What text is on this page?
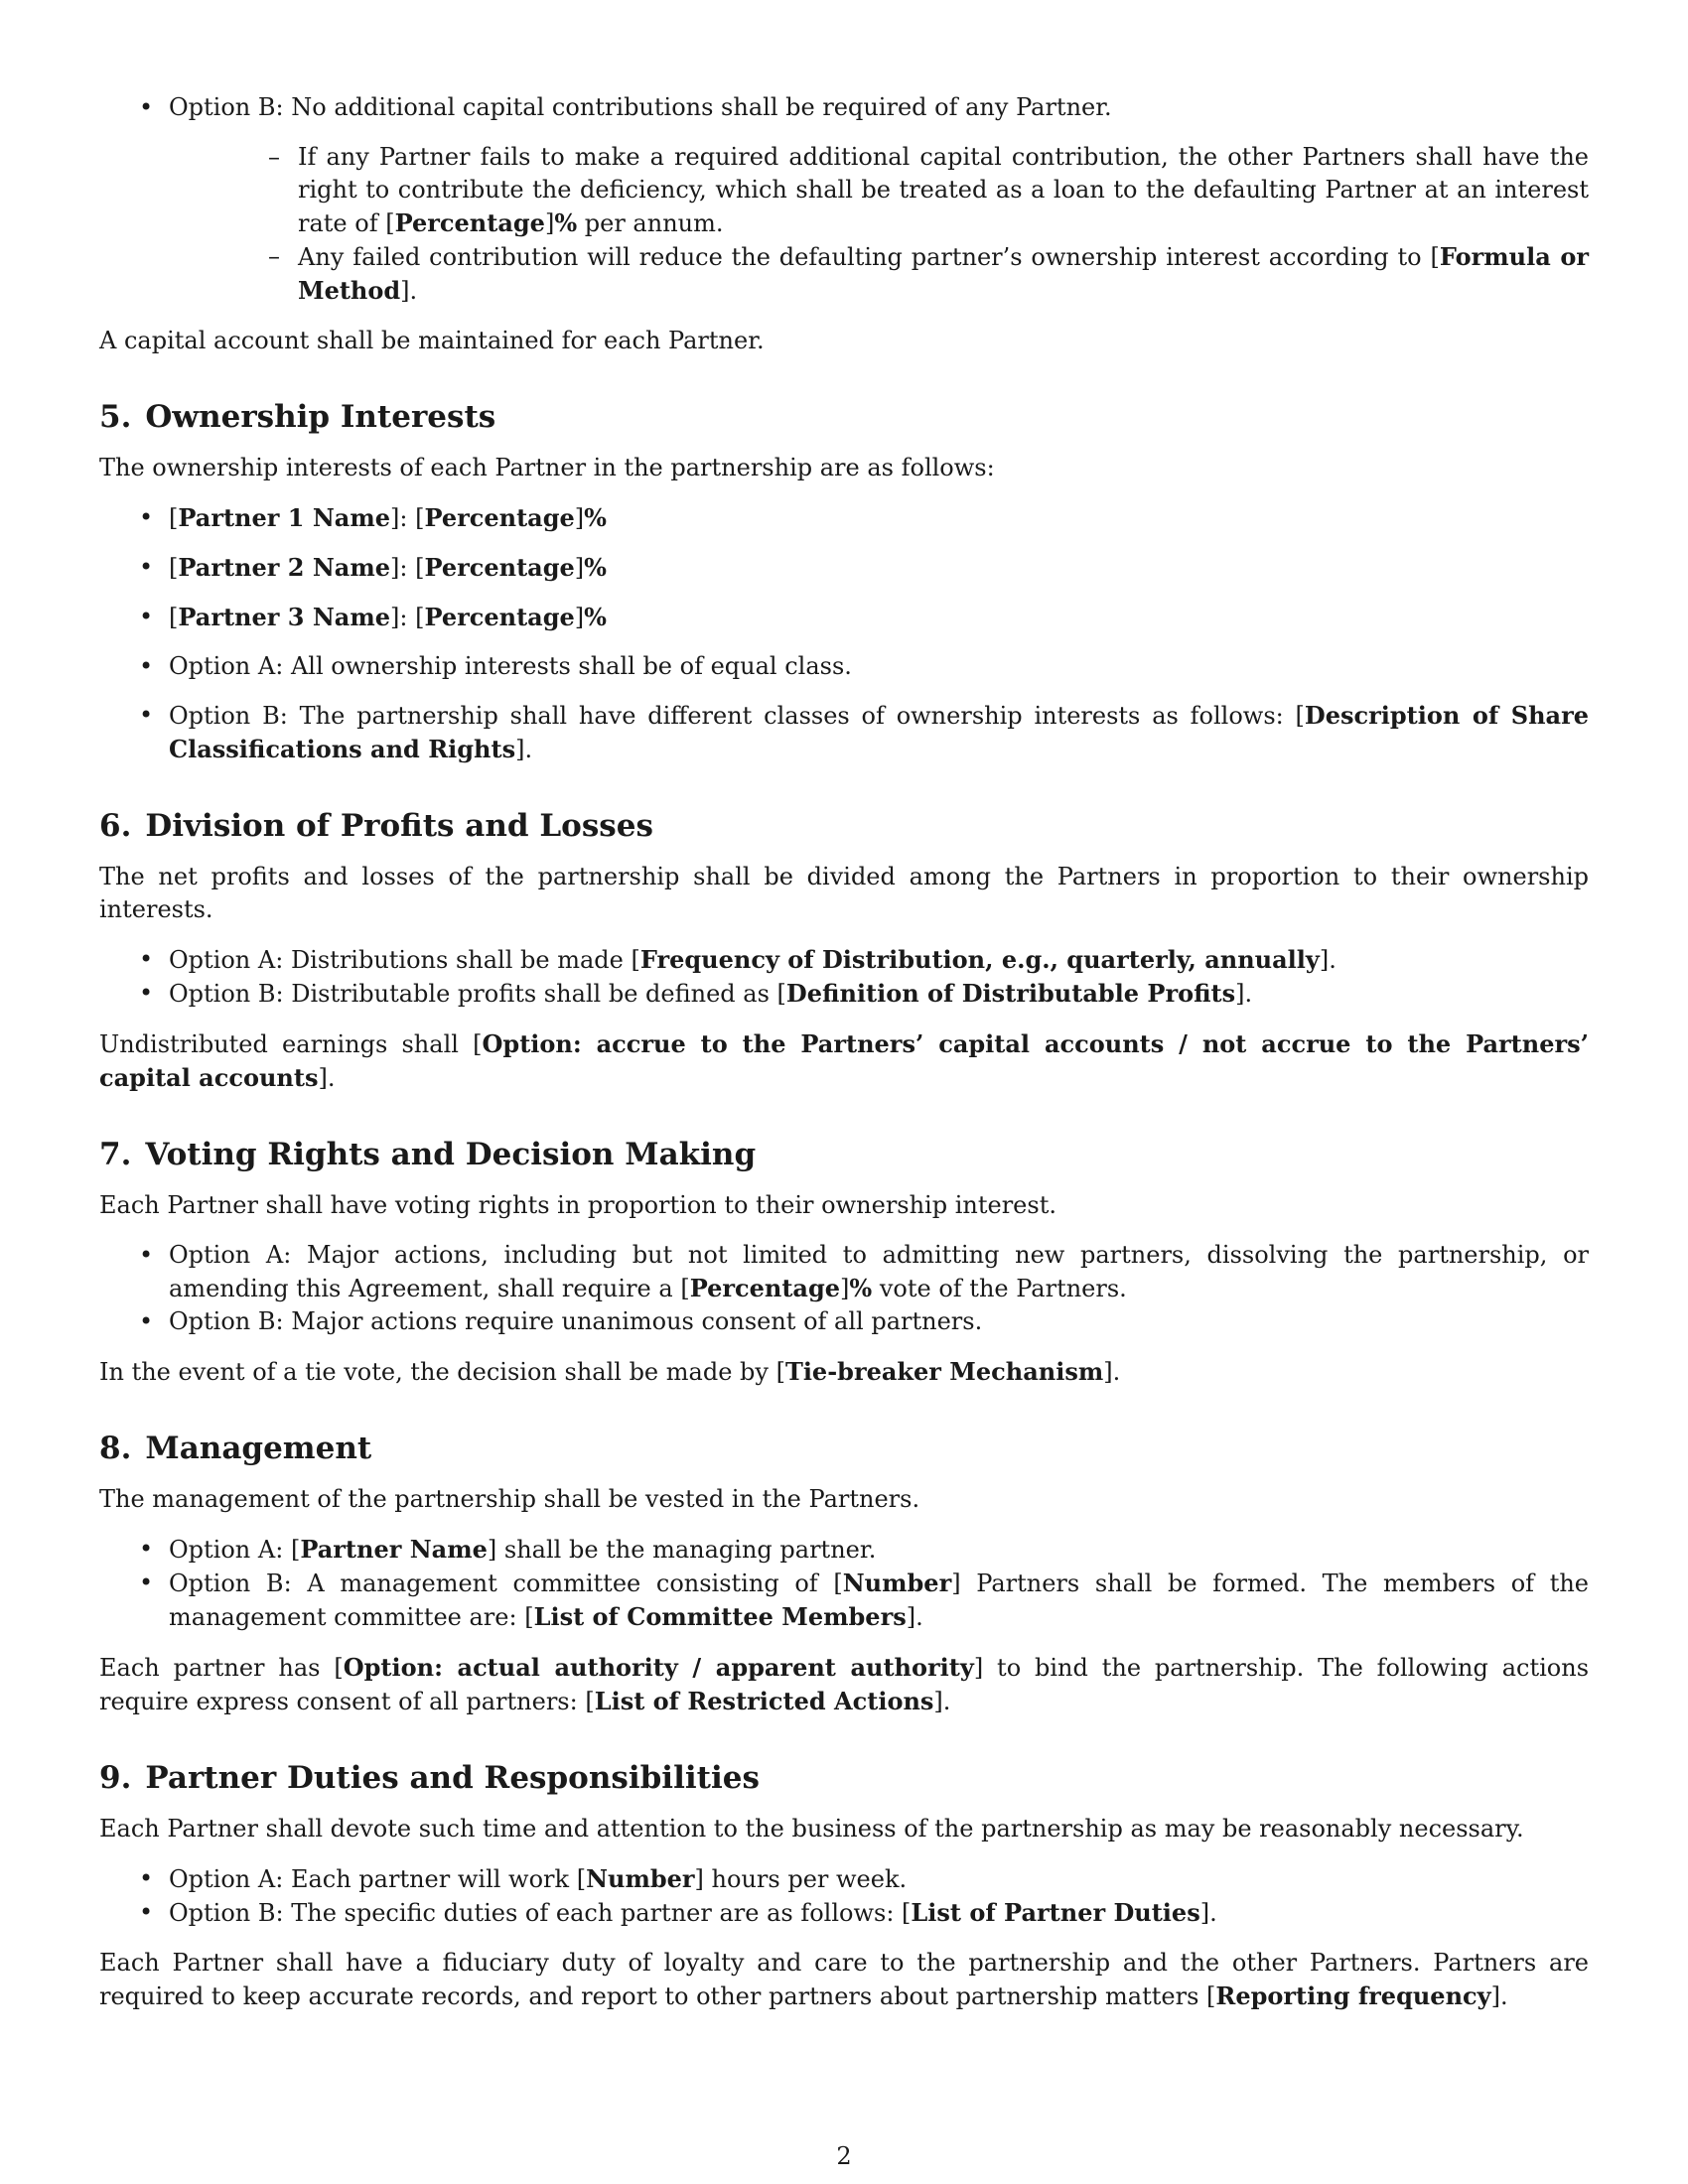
• Option B: No additional capital contributions shall be required of any Partner.
– If any Partner fails to make a required additional capital contribution, the other Partners shall have the right to contribute the deficiency, which shall be treated as a loan to the defaulting Partner at an interest rate of [Percentage]% per annum.
– Any failed contribution will reduce the defaulting partner’s ownership interest according to [Formula or Method].

A capital account shall be maintained for each Partner.

5. Ownership Interests

The ownership interests of each Partner in the partnership are as follows:

• [Partner 1 Name]: [Percentage]%
• [Partner 2 Name]: [Percentage]%
• [Partner 3 Name]: [Percentage]%
• Option A: All ownership interests shall be of equal class.
• Option B: The partnership shall have different classes of ownership interests as follows: [Description of Share Classifications and Rights].
6. Division of Profits and Losses

The net profits and losses of the partnership shall be divided among the Partners in proportion to their ownership interests.

• Option A: Distributions shall be made [Frequency of Distribution, e.g., quarterly, annually].
• Option B: Distributable profits shall be defined as [Definition of Distributable Profits].

Undistributed earnings shall [Option: accrue to the Partners’ capital accounts / not accrue to the Partners’ capital accounts].

7. Voting Rights and Decision Making

Each Partner shall have voting rights in proportion to their ownership interest.

• Option A: Major actions, including but not limited to admitting new partners, dissolving the partnership, or amending this Agreement, shall require a [Percentage]% vote of the Partners.
• Option B: Major actions require unanimous consent of all partners.

In the event of a tie vote, the decision shall be made by [Tie-breaker Mechanism].

8. Management

The management of the partnership shall be vested in the Partners.

• Option A: [Partner Name] shall be the managing partner.
• Option B: A management committee consisting of [Number] Partners shall be formed. The members of the management committee are: [List of Committee Members].

Each partner has [Option: actual authority / apparent authority] to bind the partnership. The following actions require express consent of all partners: [List of Restricted Actions].

9. Partner Duties and Responsibilities

Each Partner shall devote such time and attention to the business of the partnership as may be reasonably necessary.

• Option A: Each partner will work [Number] hours per week.
• Option B: The specific duties of each partner are as follows: [List of Partner Duties].

Each Partner shall have a fiduciary duty of loyalty and care to the partnership and the other Partners. Partners are required to keep accurate records, and report to other partners about partnership matters [Reporting frequency].

2
